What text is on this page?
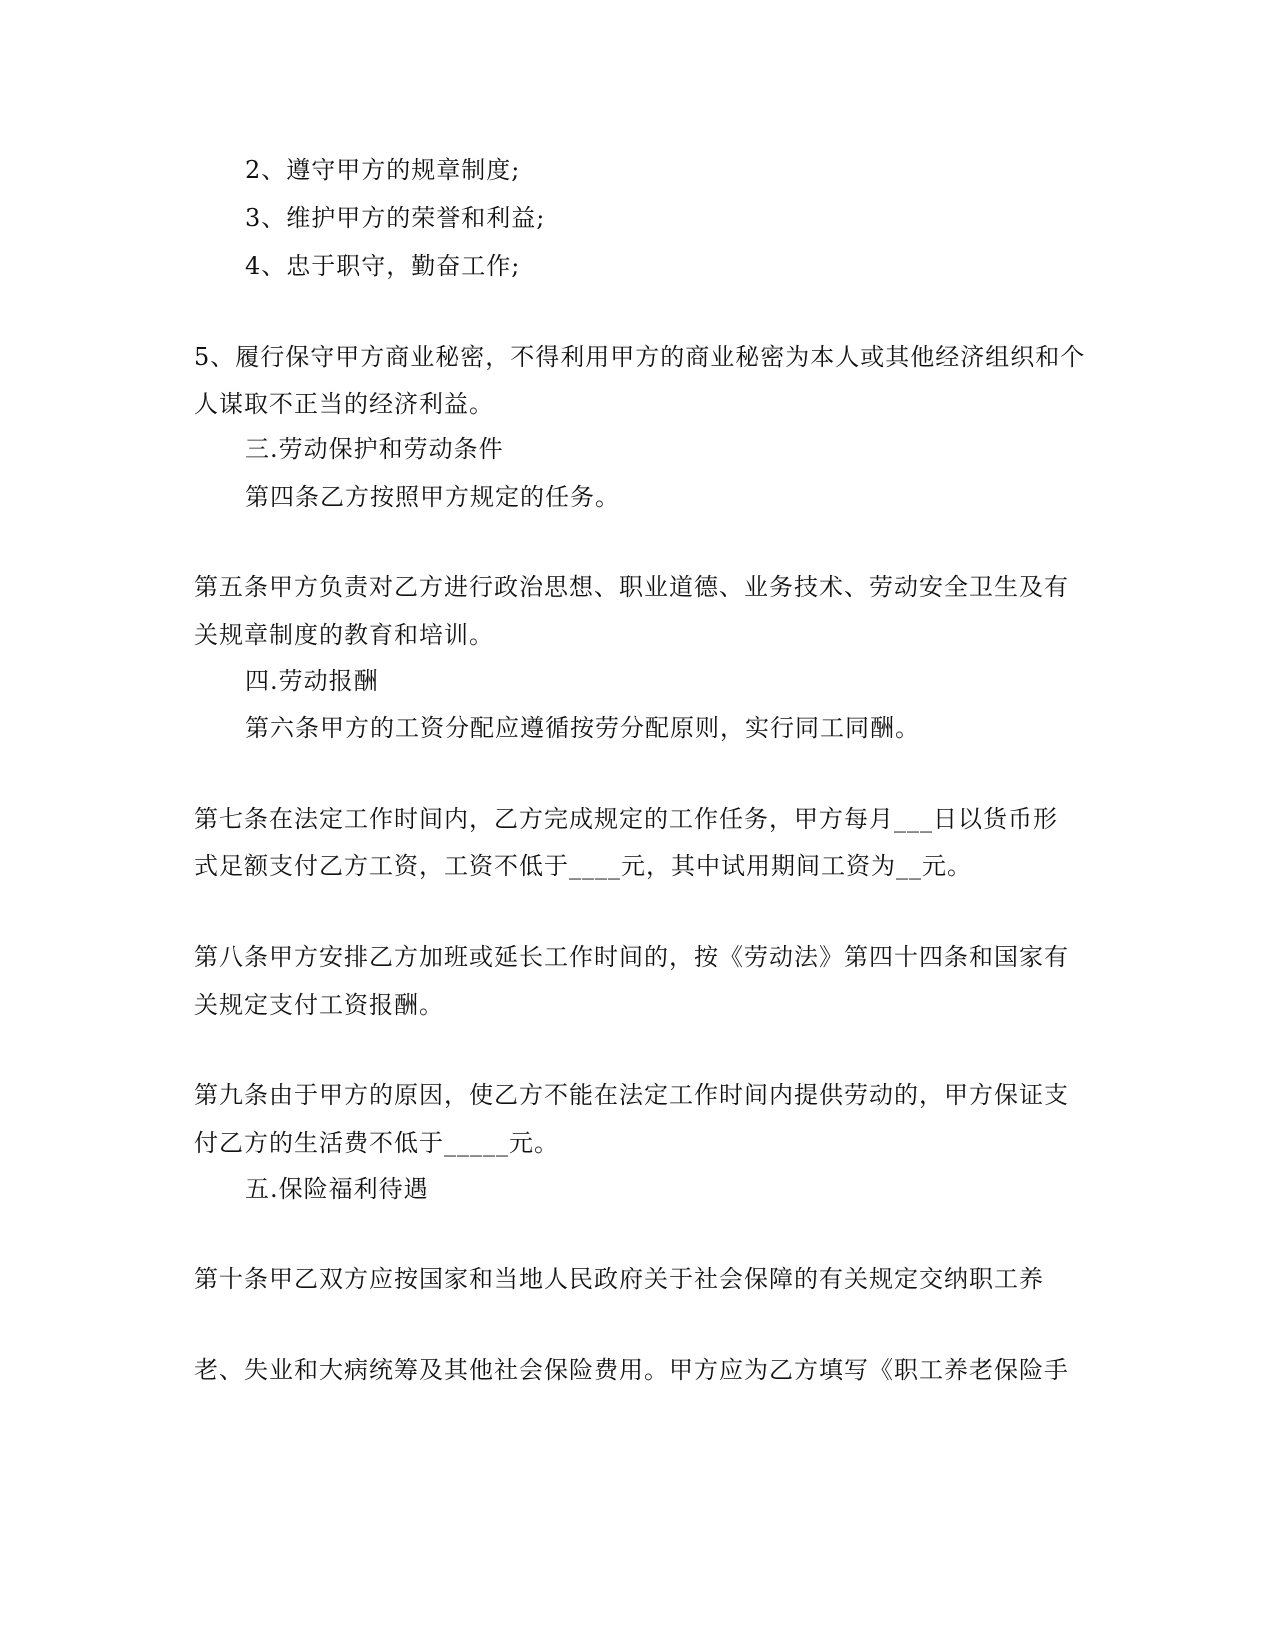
2、遵守甲方的规章制度;
3、维护甲方的荣誉和利益;
4、忠于职守，勤奋工作;
5、履行保守甲方商业秘密，不得利用甲方的商业秘密为本人或其他经济组织和个
人谋取不正当的经济利益。
三.劳动保护和劳动条件
第四条乙方按照甲方规定的任务。
第五条甲方负责对乙方进行政治思想、职业道德、业务技术、劳动安全卫生及有
关规章制度的教育和培训。
四.劳动报酬
第六条甲方的工资分配应遵循按劳分配原则，实行同工同酬。
第七条在法定工作时间内，乙方完成规定的工作任务，甲方每月___日以货币形
式足额支付乙方工资，工资不低于____元，其中试用期间工资为__元。
第八条甲方安排乙方加班或延长工作时间的，按《劳动法》第四十四条和国家有
关规定支付工资报酬。
第九条由于甲方的原因，使乙方不能在法定工作时间内提供劳动的，甲方保证支
付乙方的生活费不低于_____元。
五.保险福利待遇
第十条甲乙双方应按国家和当地人民政府关于社会保障的有关规定交纳职工养
老、失业和大病统筹及其他社会保险费用。甲方应为乙方填写《职工养老保险手
